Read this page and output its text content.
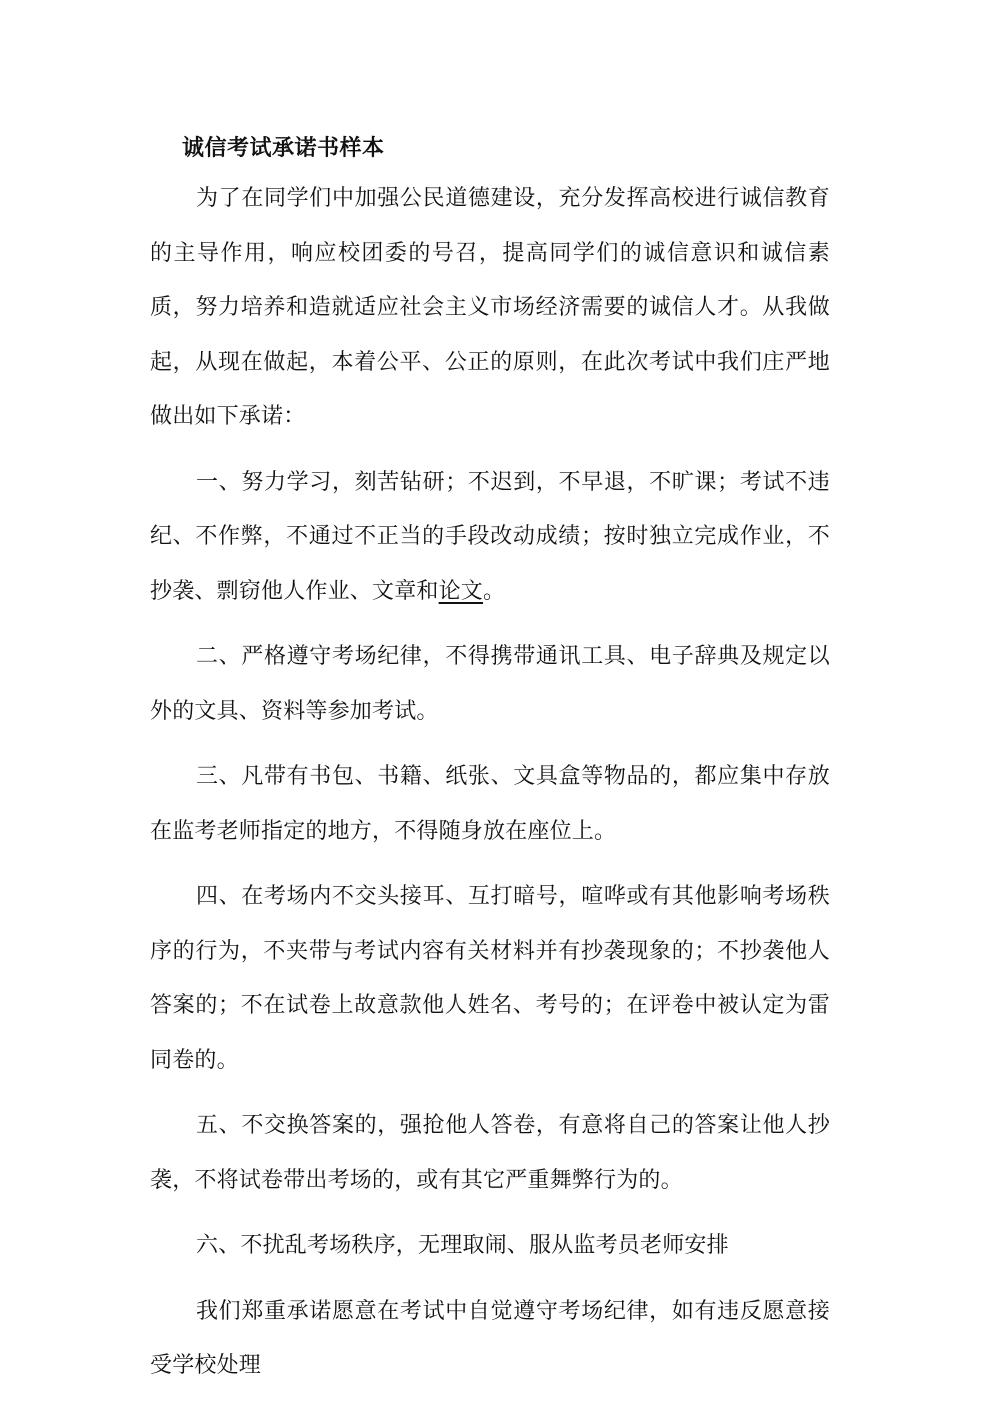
诚信考试承诺书样本

为了在同学们中加强公民道德建设，充分发挥高校进行诚信教育的主导作用，响应校团委的号召，提高同学们的诚信意识和诚信素质，努力培养和造就适应社会主义市场经济需要的诚信人才。从我做起，从现在做起，本着公平、公正的原则，在此次考试中我们庄严地做出如下承诺：

一、努力学习，刻苦钻研；不迟到，不早退，不旷课；考试不违纪、不作弊，不通过不正当的手段改动成绩；按时独立完成作业，不抄袭、剽窃他人作业、文章和论文。

二、严格遵守考场纪律，不得携带通讯工具、电子辞典及规定以外的文具、资料等参加考试。

三、凡带有书包、书籍、纸张、文具盒等物品的，都应集中存放在监考老师指定的地方，不得随身放在座位上。

四、在考场内不交头接耳、互打暗号，喧哗或有其他影响考场秩序的行为，不夹带与考试内容有关材料并有抄袭现象的；不抄袭他人答案的；不在试卷上故意款他人姓名、考号的；在评卷中被认定为雷同卷的。

五、不交换答案的，强抢他人答卷，有意将自己的答案让他人抄袭，不将试卷带出考场的，或有其它严重舞弊行为的。

六、不扰乱考场秩序，无理取闹、服从监考员老师安排

我们郑重承诺愿意在考试中自觉遵守考场纪律，如有违反愿意接受学校处理
